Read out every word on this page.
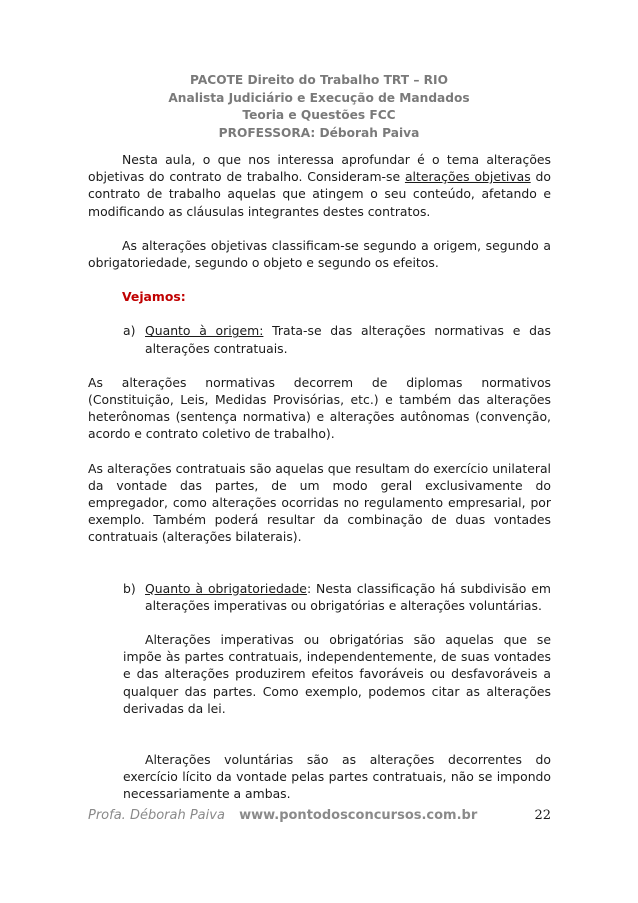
PACOTE Direito do Trabalho TRT – RIO
Analista Judiciário e Execução de Mandados
Teoria e Questões FCC
PROFESSORA: Déborah Paiva

Nesta aula, o que nos interessa aprofundar é o tema alterações objetivas do contrato de trabalho. Consideram-se alterações objetivas do contrato de trabalho aquelas que atingem o seu conteúdo, afetando e modificando as cláusulas integrantes destes contratos.

As alterações objetivas classificam-se segundo a origem, segundo a obrigatoriedade, segundo o objeto e segundo os efeitos.

Vejamos:

a) Quanto à origem: Trata-se das alterações normativas e das alterações contratuais.

As alterações normativas decorrem de diplomas normativos (Constituição, Leis, Medidas Provisórias, etc.) e também das alterações heterônomas (sentença normativa) e alterações autônomas (convenção, acordo e contrato coletivo de trabalho).

As alterações contratuais são aquelas que resultam do exercício unilateral da vontade das partes, de um modo geral exclusivamente do empregador, como alterações ocorridas no regulamento empresarial, por exemplo. Também poderá resultar da combinação de duas vontades contratuais (alterações bilaterais).

b) Quanto à obrigatoriedade: Nesta classificação há subdivisão em alterações imperativas ou obrigatórias e alterações voluntárias.

Alterações imperativas ou obrigatórias são aquelas que se impõe às partes contratuais, independentemente, de suas vontades e das alterações produzirem efeitos favoráveis ou desfavoráveis a qualquer das partes. Como exemplo, podemos citar as alterações derivadas da lei.

Alterações voluntárias são as alterações decorrentes do exercício lícito da vontade pelas partes contratuais, não se impondo necessariamente a ambas.

Profa. Déborah Paiva www.pontodosconcursos.com.br	22
